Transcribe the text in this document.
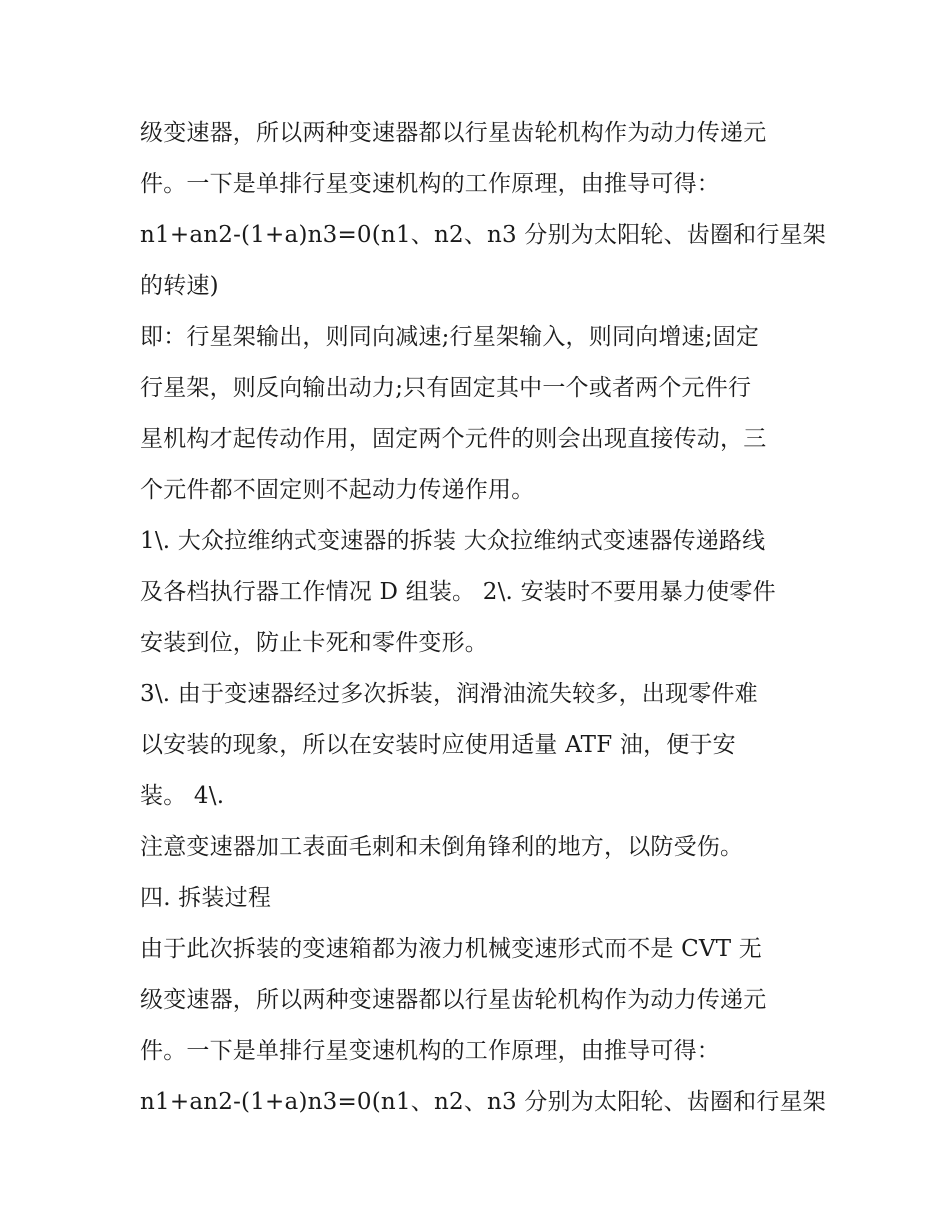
级变速器，所以两种变速器都以行星齿轮机构作为动力传递元
件。一下是单排行星变速机构的工作原理，由推导可得：
n1+an2-(1+a)n3=0(n1、n2、n3 分别为太阳轮、齿圈和行星架
的转速)
即：行星架输出，则同向减速;行星架输入，则同向增速;固定
行星架，则反向输出动力;只有固定其中一个或者两个元件行
星机构才起传动作用，固定两个元件的则会出现直接传动，三
个元件都不固定则不起动力传递作用。
1\. 大众拉维纳式变速器的拆装 大众拉维纳式变速器传递路线
及各档执行器工作情况 D 组装。 2\. 安装时不要用暴力使零件
安装到位，防止卡死和零件变形。
3\. 由于变速器经过多次拆装，润滑油流失较多，出现零件难
以安装的现象，所以在安装时应使用适量 ATF 油，便于安
装。 4\.
注意变速器加工表面毛刺和未倒角锋利的地方，以防受伤。
四. 拆装过程
由于此次拆装的变速箱都为液力机械变速形式而不是 CVT 无
级变速器，所以两种变速器都以行星齿轮机构作为动力传递元
件。一下是单排行星变速机构的工作原理，由推导可得：
n1+an2-(1+a)n3=0(n1、n2、n3 分别为太阳轮、齿圈和行星架
